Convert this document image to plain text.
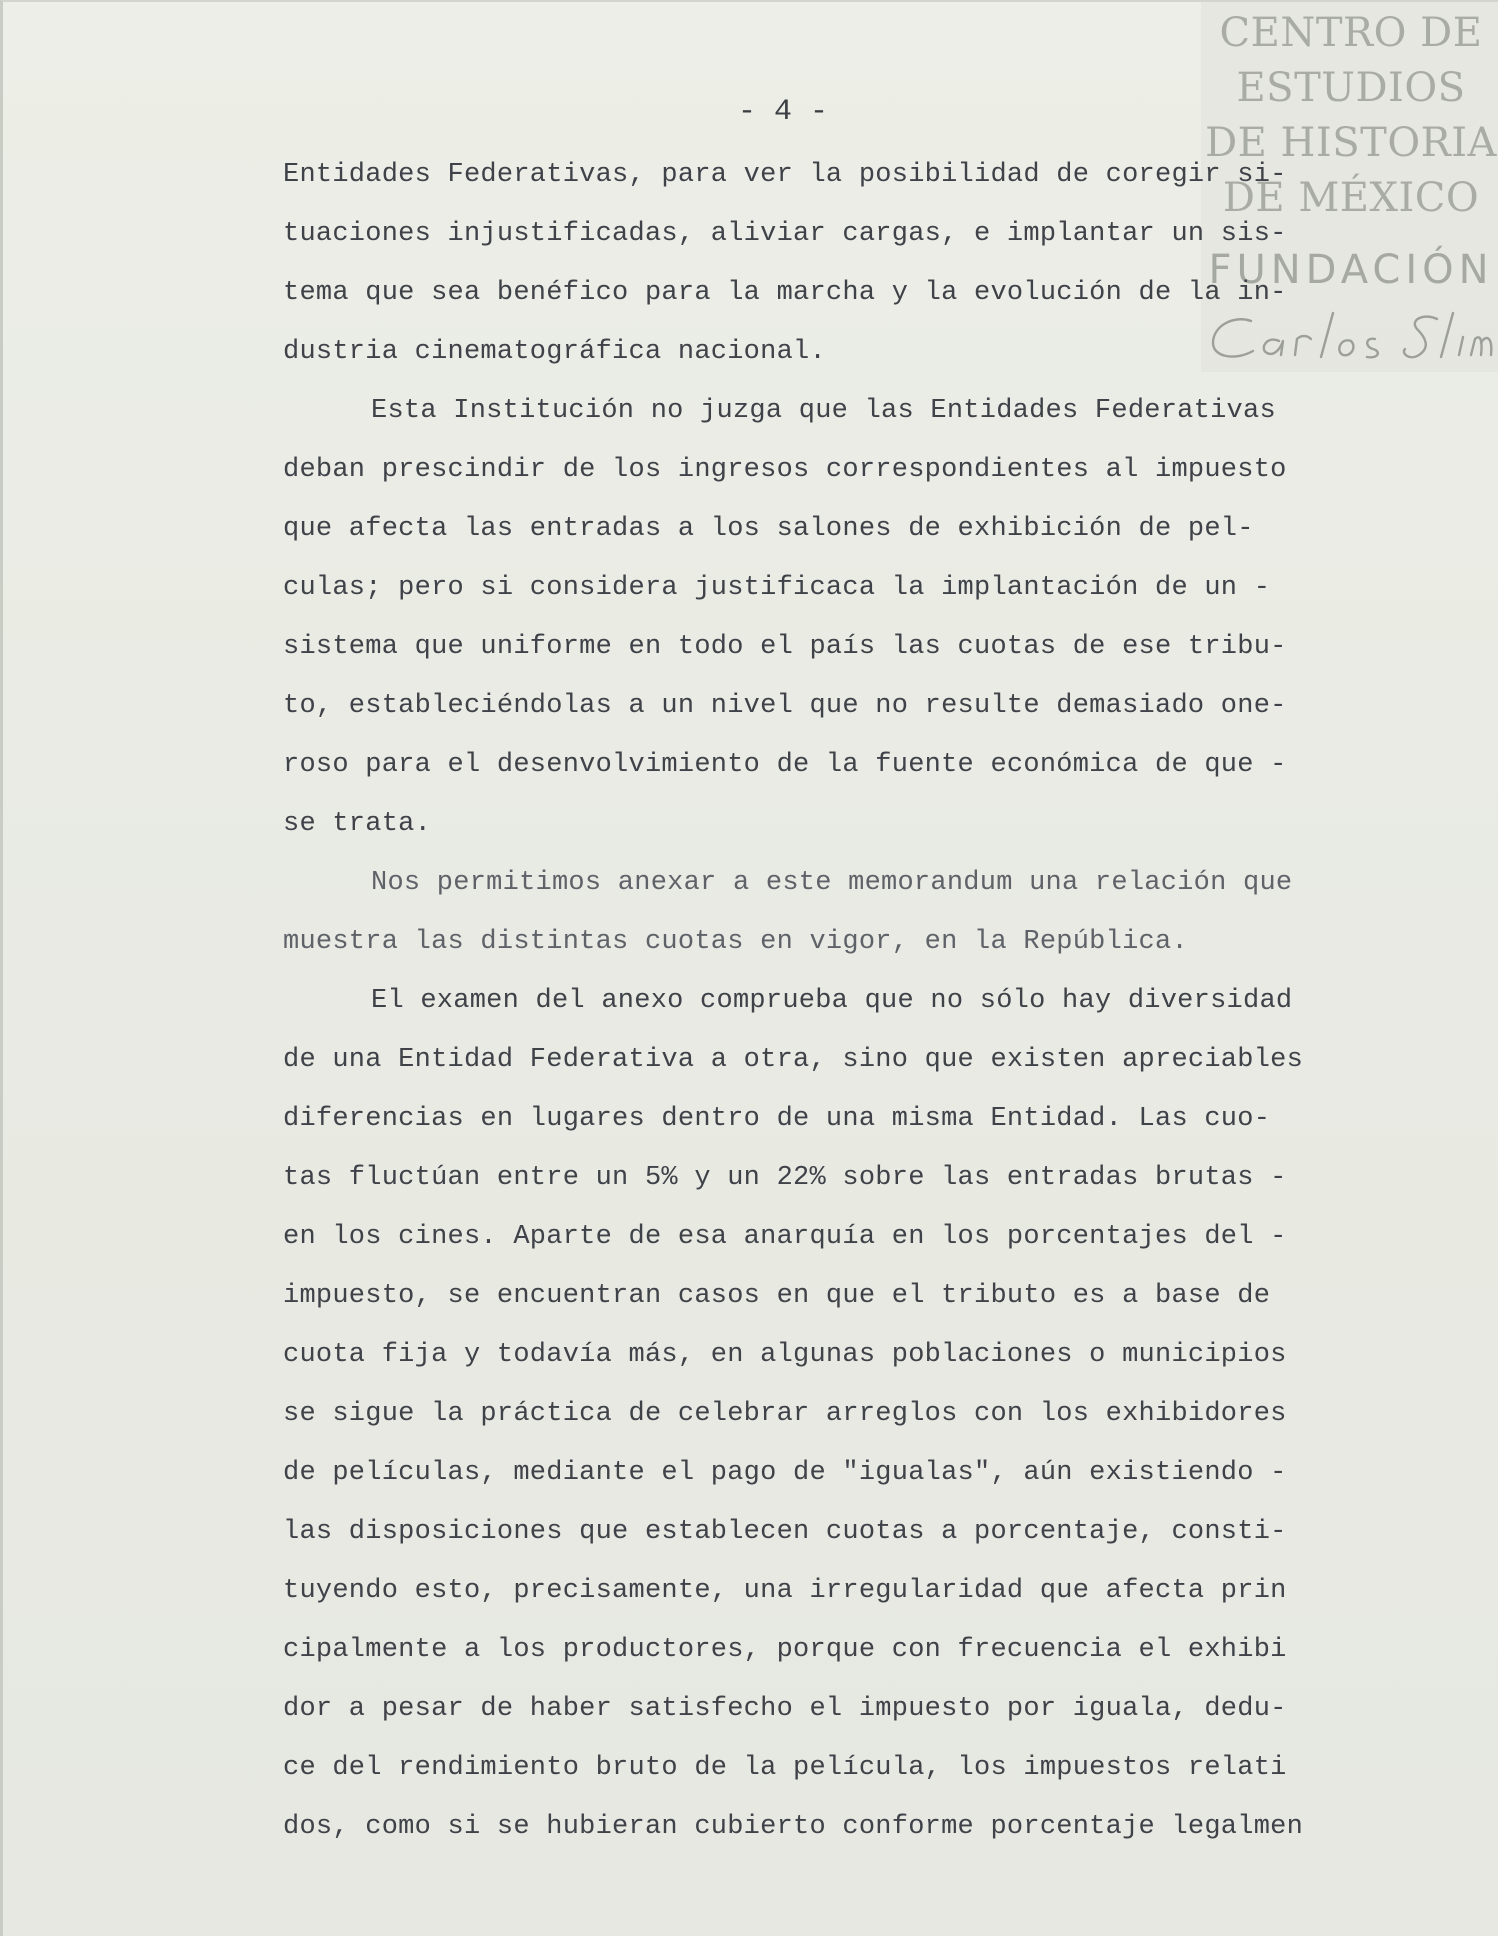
CENTRO DE
ESTUDIOS
DE HISTORIA
DE MÉXICO
FUNDACIÓN
- 4 -
Entidades Federativas, para ver la posibilidad de coregir si-
tuaciones injustificadas, aliviar cargas, e implantar un sis-
tema que sea benéfico para la marcha y la evolución de la in-
dustria cinematográfica nacional.
Esta Institución no juzga que las Entidades Federativas
deban prescindir de los ingresos correspondientes al impuesto
que afecta las entradas a los salones de exhibición de pel-
culas; pero si considera justificaca la implantación de un -
sistema que uniforme en todo el país las cuotas de ese tribu-
to, estableciéndolas a un nivel que no resulte demasiado one-
roso para el desenvolvimiento de la fuente económica de que -
se trata.
Nos permitimos anexar a este memorandum una relación que
muestra las distintas cuotas en vigor, en la República.
El examen del anexo comprueba que no sólo hay diversidad
de una Entidad Federativa a otra, sino que existen apreciables
diferencias en lugares dentro de una misma Entidad. Las cuo-
tas fluctúan entre un 5% y un 22% sobre las entradas brutas -
en los cines. Aparte de esa anarquía en los porcentajes del -
impuesto, se encuentran casos en que el tributo es a base de
cuota fija y todavía más, en algunas poblaciones o municipios
se sigue la práctica de celebrar arreglos con los exhibidores
de películas, mediante el pago de "igualas", aún existiendo -
las disposiciones que establecen cuotas a porcentaje, consti-
tuyendo esto, precisamente, una irregularidad que afecta prin
cipalmente a los productores, porque con frecuencia el exhibi
dor a pesar de haber satisfecho el impuesto por iguala, dedu-
ce del rendimiento bruto de la película, los impuestos relati
dos, como si se hubieran cubierto conforme porcentaje legalmen
